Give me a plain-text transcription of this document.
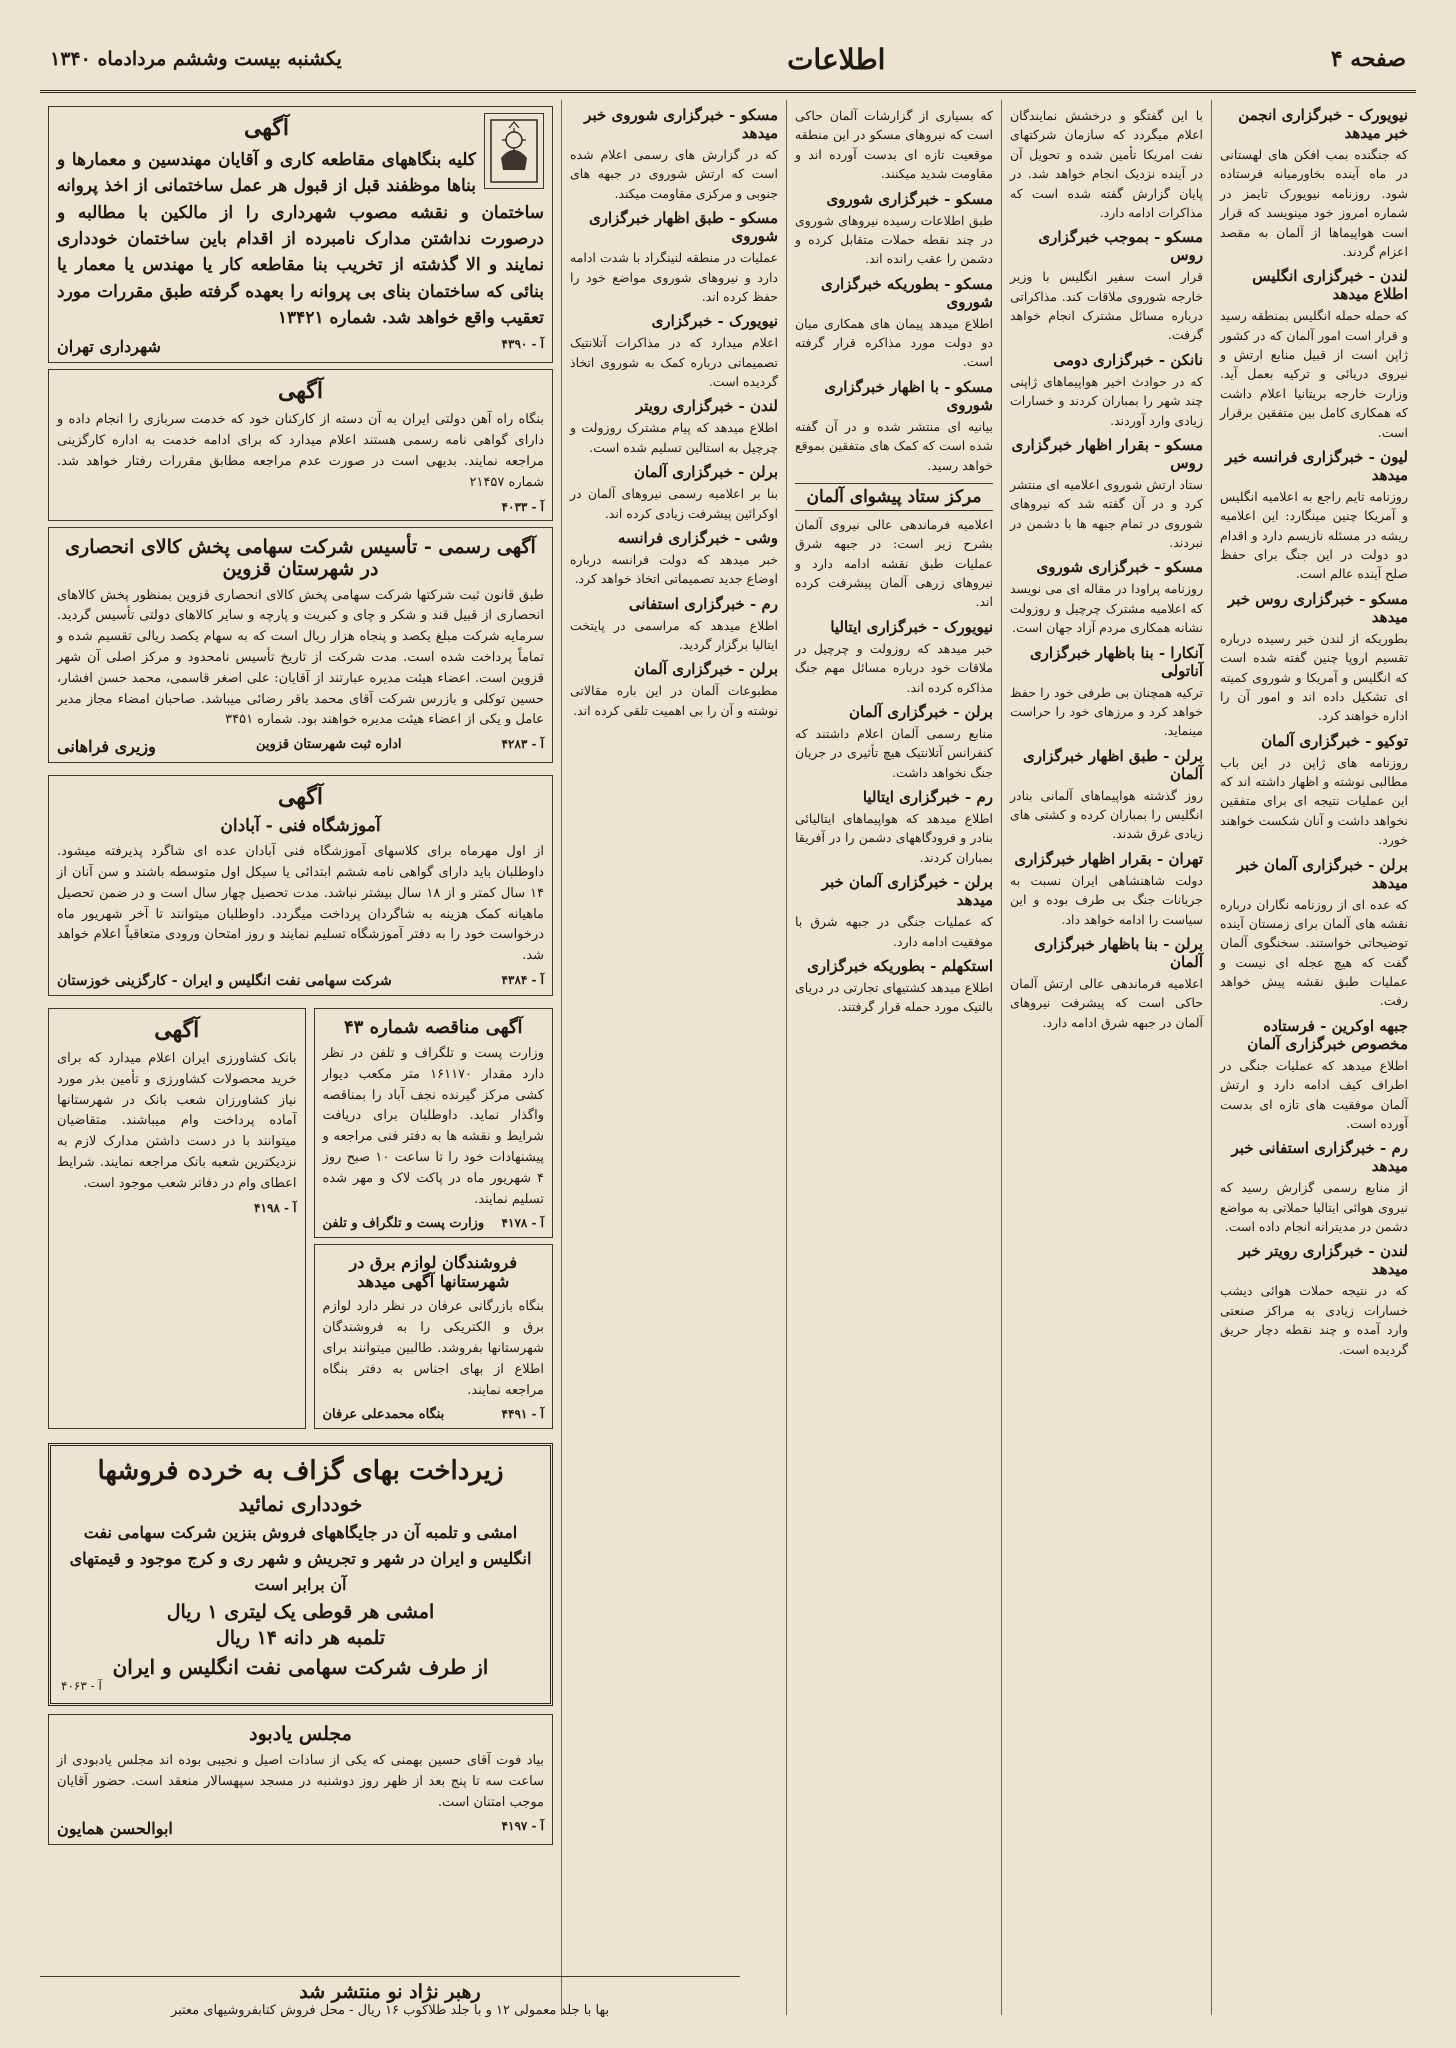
صفحه ۴
اطلاعات
یکشنبه بیست وششم مردادماه ۱۳۴۰
نیویورک - خبرگزاری انجمن خبر میدهد

که جنگنده بمب افکن های لهستانی در ماه آینده بخاورمیانه فرستاده شود. روزنامه نیویورک تایمز در شماره امروز خود مینویسد که قرار است هواپیماها از آلمان به مقصد اعزام گردند.

لندن - خبرگزاری انگلیس اطلاع میدهد

که حمله حمله انگلیس بمنطقه رسید و قرار است امور آلمان که در کشور ژاپن است از قبیل منابع ارتش و نیروی دریائی و ترکیه بعمل آید. وزارت خارجه بریتانیا اعلام داشت که همکاری کامل بین متفقین برقرار است.

لیون - خبرگزاری فرانسه خبر میدهد

روزنامه تایم راجع به اعلامیه انگلیس و آمریکا چنین مینگارد: این اعلامیه ریشه در مسئله نازیسم دارد و اقدام دو دولت در این جنگ برای حفظ صلح آینده عالم است.

مسکو - خبرگزاری روس خبر میدهد

بطوریکه از لندن خبر رسیده درباره تقسیم اروپا چنین گفته شده است که انگلیس و آمریکا و شوروی کمیته ای تشکیل داده اند و امور آن را اداره خواهند کرد.

توکیو - خبرگزاری آلمان

روزنامه های ژاپن در این باب مطالبی نوشته و اظهار داشته اند که این عملیات نتیجه ای برای متفقین نخواهد داشت و آنان شکست خواهند خورد.

برلن - خبرگزاری آلمان خبر میدهد

که عده ای از روزنامه نگاران درباره نقشه های آلمان برای زمستان آینده توضیحاتی خواستند. سخنگوی آلمان گفت که هیچ عجله ای نیست و عملیات طبق نقشه پیش خواهد رفت.

جبهه اوکرین - فرستاده مخصوص خبرگزاری آلمان

اطلاع میدهد که عملیات جنگی در اطراف کیف ادامه دارد و ارتش آلمان موفقیت های تازه ای بدست آورده است.

رم - خبرگزاری استفانی خبر میدهد

از منابع رسمی گزارش رسید که نیروی هوائی ایتالیا حملاتی به مواضع دشمن در مدیترانه انجام داده است.

لندن - خبرگزاری رویتر خبر میدهد

که در نتیجه حملات هوائی دیشب خسارات زیادی به مراکز صنعتی وارد آمده و چند نقطه دچار حریق گردیده است.

با این گفتگو و درخشش نمایندگان اعلام میگردد که سازمان شرکتهای نفت امریکا تأمین شده و تحویل آن در آینده نزدیک انجام خواهد شد. در پایان گزارش گفته شده است که مذاکرات ادامه دارد.

مسکو - بموجب خبرگزاری روس

قرار است سفیر انگلیس با وزیر خارجه شوروی ملاقات کند. مذاکراتی درباره مسائل مشترک انجام خواهد گرفت.

نانکن - خبرگزاری دومی

که در حوادث اخیر هواپیماهای ژاپنی چند شهر را بمباران کردند و خسارات زیادی وارد آوردند.

مسکو - بقرار اظهار خبرگزاری روس

ستاد ارتش شوروی اعلامیه ای منتشر کرد و در آن گفته شد که نیروهای شوروی در تمام جبهه ها با دشمن در نبردند.

مسکو - خبرگزاری شوروی

روزنامه پراودا در مقاله ای می نویسد که اعلامیه مشترک چرچیل و روزولت نشانه همکاری مردم آزاد جهان است.

آنکارا - بنا باظهار خبرگزاری آناتولی

ترکیه همچنان بی طرفی خود را حفظ خواهد کرد و مرزهای خود را حراست مینماید.

برلن - طبق اظهار خبرگزاری آلمان

روز گذشته هواپیماهای آلمانی بنادر انگلیس را بمباران کرده و کشتی های زیادی غرق شدند.

تهران - بقرار اظهار خبرگزاری

دولت شاهنشاهی ایران نسبت به جریانات جنگ بی طرف بوده و این سیاست را ادامه خواهد داد.

برلن - بنا باظهار خبرگزاری آلمان

اعلامیه فرماندهی عالی ارتش آلمان حاکی است که پیشرفت نیروهای آلمان در جبهه شرق ادامه دارد.

که بسیاری از گزارشات آلمان حاکی است که نیروهای مسکو در این منطقه موقعیت تازه ای بدست آورده اند و مقاومت شدید میکنند.

مسکو - خبرگزاری شوروی

طبق اطلاعات رسیده نیروهای شوروی در چند نقطه حملات متقابل کرده و دشمن را عقب رانده اند.

مسکو - بطوریکه خبرگزاری شوروی

اطلاع میدهد پیمان های همکاری میان دو دولت مورد مذاکره قرار گرفته است.

مسکو - با اظهار خبرگزاری شوروی

بیانیه ای منتشر شده و در آن گفته شده است که کمک های متفقین بموقع خواهد رسید.

مرکز ستاد پیشوای آلمان

اعلامیه فرماندهی عالی نیروی آلمان بشرح زیر است: در جبهه شرق عملیات طبق نقشه ادامه دارد و نیروهای زرهی آلمان پیشرفت کرده اند.

نیویورک - خبرگزاری ایتالیا

خبر میدهد که روزولت و چرچیل در ملاقات خود درباره مسائل مهم جنگ مذاکره کرده اند.

برلن - خبرگزاری آلمان

منابع رسمی آلمان اعلام داشتند که کنفرانس آتلانتیک هیچ تأثیری در جریان جنگ نخواهد داشت.

رم - خبرگزاری ایتالیا

اطلاع میدهد که هواپیماهای ایتالیائی بنادر و فرودگاههای دشمن را در آفریقا بمباران کردند.

برلن - خبرگزاری آلمان خبر میدهد

که عملیات جنگی در جبهه شرق با موفقیت ادامه دارد.

استکهلم - بطوریکه خبرگزاری

اطلاع میدهد کشتیهای تجارتی در دریای بالتیک مورد حمله قرار گرفتند.

مسکو - خبرگزاری شوروی خبر میدهد

که در گزارش های رسمی اعلام شده است که ارتش شوروی در جبهه های جنوبی و مرکزی مقاومت میکند.

مسکو - طبق اظهار خبرگزاری شوروی

عملیات در منطقه لنینگراد با شدت ادامه دارد و نیروهای شوروی مواضع خود را حفظ کرده اند.

نیویورک - خبرگزاری

اعلام میدارد که در مذاکرات آتلانتیک تصمیماتی درباره کمک به شوروی اتخاذ گردیده است.

لندن - خبرگزاری رویتر

اطلاع میدهد که پیام مشترک روزولت و چرچیل به استالین تسلیم شده است.

برلن - خبرگزاری آلمان

بنا بر اعلامیه رسمی نیروهای آلمان در اوکرائین پیشرفت زیادی کرده اند.

وشی - خبرگزاری فرانسه

خبر میدهد که دولت فرانسه درباره اوضاع جدید تصمیماتی اتخاذ خواهد کرد.

رم - خبرگزاری استفانی

اطلاع میدهد که مراسمی در پایتخت ایتالیا برگزار گردید.

برلن - خبرگزاری آلمان

مطبوعات آلمان در این باره مقالاتی نوشته و آن را بی اهمیت تلقی کرده اند.

آگهی
کلیه بنگاههای مقاطعه کاری و آقایان مهندسین و معمارها و بناها موظفند قبل از قبول هر عمل ساختمانی از اخذ پروانه ساختمان و نقشه مصوب شهرداری را از مالکین با مطالبه و درصورت نداشتن مدارک نامبرده از اقدام باین ساختمان خودداری نمایند و الا گذشته از تخریب بنا مقاطعه کار یا مهندس یا معمار یا بنائی که ساختمان بنای بی پروانه را بعهده گرفته طبق مقررات مورد تعقیب واقع خواهد شد. شماره ۱۳۴۲۱
آ - ۴۳۹۰
شهرداری تهران
آگهی
بنگاه راه آهن دولتی ایران به آن دسته از کارکنان خود که خدمت سربازی را انجام داده و دارای گواهی نامه رسمی هستند اعلام میدارد که برای ادامه خدمت به اداره کارگزینی مراجعه نمایند. بدیهی است در صورت عدم مراجعه مطابق مقررات رفتار خواهد شد. شماره ۲۱۴۵۷
آ - ۴۰۳۳
آگهی رسمی - تأسیس شرکت سهامی پخش کالای انحصاری در شهرستان قزوین
طبق قانون ثبت شرکتها شرکت سهامی پخش کالای انحصاری قزوین بمنظور پخش کالاهای انحصاری از قبیل قند و شکر و چای و کبریت و پارچه و سایر کالاهای دولتی تأسیس گردید. سرمایه شرکت مبلغ یکصد و پنجاه هزار ریال است که به سهام یکصد ریالی تقسیم شده و تماماً پرداخت شده است. مدت شرکت از تاریخ تأسیس نامحدود و مرکز اصلی آن شهر قزوین است. اعضاء هیئت مدیره عبارتند از آقایان: علی اصغر قاسمی، محمد حسن افشار، حسین توکلی و بازرس شرکت آقای محمد باقر رضائی میباشد. صاحبان امضاء مجاز مدیر عامل و یکی از اعضاء هیئت مدیره خواهند بود. شماره ۳۴۵۱
آ - ۴۲۸۳
اداره ثبت شهرستان قزوین
وزیری فراهانی
آگهی
آموزشگاه فنی - آبادان
از اول مهرماه برای کلاسهای آموزشگاه فنی آبادان عده ای شاگرد پذیرفته میشود. داوطلبان باید دارای گواهی نامه ششم ابتدائی یا سیکل اول متوسطه باشند و سن آنان از ۱۴ سال کمتر و از ۱۸ سال بیشتر نباشد. مدت تحصیل چهار سال است و در ضمن تحصیل ماهیانه کمک هزینه به شاگردان پرداخت میگردد. داوطلبان میتوانند تا آخر شهریور ماه درخواست خود را به دفتر آموزشگاه تسلیم نمایند و روز امتحان ورودی متعاقباً اعلام خواهد شد.
آ - ۴۳۸۴
شرکت سهامی نفت انگلیس و ایران - کارگزینی خوزستان
آگهی مناقصه شماره ۴۳
وزارت پست و تلگراف و تلفن در نظر دارد مقدار ۱۶۱۱۷۰ متر مکعب دیوار کشی مرکز گیرنده نجف آباد را بمناقصه واگذار نماید. داوطلبان برای دریافت شرایط و نقشه ها به دفتر فنی مراجعه و پیشنهادات خود را تا ساعت ۱۰ صبح روز ۴ شهریور ماه در پاکت لاک و مهر شده تسلیم نمایند.
آ - ۴۱۷۸
وزارت پست و تلگراف و تلفن
فروشندگان لوازم برق در شهرستانها آگهی میدهد
بنگاه بازرگانی عرفان در نظر دارد لوازم برق و الکتریکی را به فروشندگان شهرستانها بفروشد. طالبین میتوانند برای اطلاع از بهای اجناس به دفتر بنگاه مراجعه نمایند.
آ - ۴۴۹۱
بنگاه محمدعلی عرفان
آگهی
بانک کشاورزی ایران اعلام میدارد که برای خرید محصولات کشاورزی و تأمین بذر مورد نیاز کشاورزان شعب بانک در شهرستانها آماده پرداخت وام میباشند. متقاضیان میتوانند با در دست داشتن مدارک لازم به نزدیکترین شعبه بانک مراجعه نمایند. شرایط اعطای وام در دفاتر شعب موجود است.
آ - ۴۱۹۸
زیرداخت بهای گزاف به خرده فروشها
خودداری نمائید
امشی و تلمبه آن در جایگاههای فروش بنزین شرکت سهامی نفت انگلیس و ایران در شهر و تجریش و شهر ری و کرج موجود و قیمتهای آن برابر است
امشی هر قوطی یک لیتری ۱ ریال
تلمبه هر دانه ۱۴ ریال
از طرف شرکت سهامی نفت انگلیس و ایران
آ - ۴۰۶۳
مجلس یادبود
بیاد فوت آقای حسین بهمنی که یکی از سادات اصیل و نجیبی بوده اند مجلس یادبودی از ساعت سه تا پنج بعد از ظهر روز دوشنبه در مسجد سپهسالار منعقد است. حضور آقایان موجب امتنان است.
آ - ۴۱۹۷
ابوالحسن همایون
رهبر نژاد نو منتشر شد
بها با جلد معمولی ۱۲ و با جلد طلاکوب ۱۶ ریال - محل فروش کتابفروشیهای معتبر
